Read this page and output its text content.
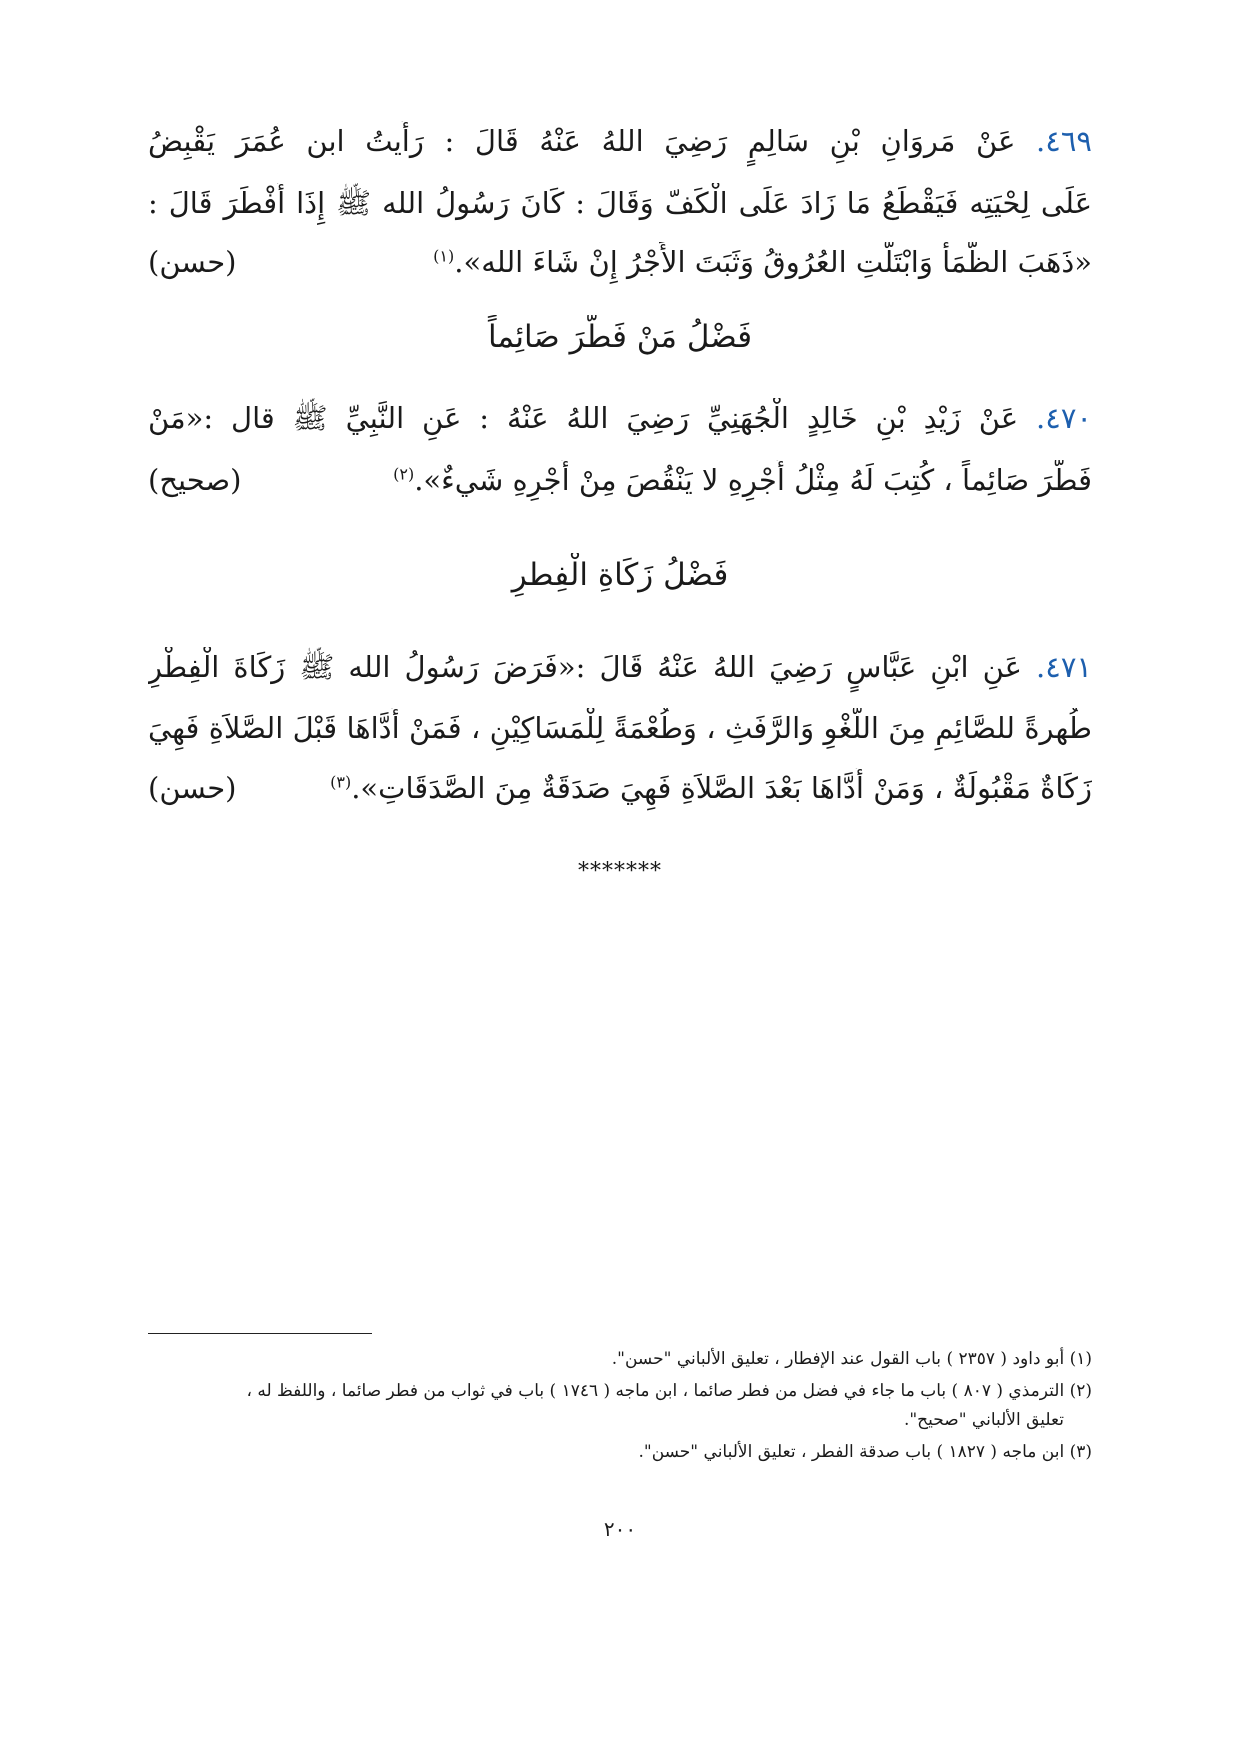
٤٦٩. عَنْ مَروَانِ بْنِ سَالِمٍ رَضِيَ اللهُ عَنْهُ قَالَ : رَأَيتُ ابن عُمَرَ يَقْبِضُ
عَلَى لِحْيَتِه فَيَقْطَعُ مَا زَادَ عَلَى الْكَفّ وَقَالَ : كَانَ رَسُولُ الله ﷺ إِذَا أَفْطَرَ قَالَ :
«ذَهَبَ الظَّمَأُ وَابْتَلَّتِ العُرُوقُ وَثَبَتَ الأَجْرُ إِنْ شَاءَ الله».$^{(١)}$
(حسن)
فَضْلُ مَنْ فَطَّرَ صَائِماً
٤٧٠. عَنْ زَيْدِ بْنِ خَالِدٍ الْجُهَنِيِّ رَضِيَ اللهُ عَنْهُ : عَنِ النَّبِيِّ ﷺ قال :«مَنْ
فَطَّرَ صَائِماً ، كُتِبَ لَهُ مِثْلُ أَجْرِهِ لا يَنْقُصَ مِنْ أَجْرِهِ شَيءٌ».$^{(٢)}$
(صحيح)
فَضْلُ زَكَاةِ الْفِطرِ
٤٧١. عَنِ ابْنِ عَبَّاسٍ رَضِيَ اللهُ عَنْهُ قَالَ :«فَرَضَ رَسُولُ الله ﷺ زَكَاةَ الْفِطْرِ
طُهرةً للصَّائِمِ مِنَ اللَّغْوِ وَالرَّفَثِ ، وَطُعْمَةً لِلْمَسَاكِيْنِ ، فَمَنْ أَدَّاهَا قَبْلَ الصَّلاَةِ فَهِيَ
زَكَاةٌ مَقْبُولَةٌ ، وَمَنْ أَدَّاهَا بَعْدَ الصَّلاَةِ فَهِيَ صَدَقَةٌ مِنَ الصَّدَقَاتِ».$^{(٣)}$
(حسن)
*******
(١) أبو داود ( ٢٣٥٧ ) باب القول عند الإفطار ، تعليق الألباني "حسن".
(٢) الترمذي ( ٨٠٧ ) باب ما جاء في فضل من فطر صائما ، ابن ماجه ( ١٧٤٦ ) باب في ثواب من فطر صائما ، واللفظ له ،
تعليق الألباني "صحيح".
(٣) ابن ماجه ( ١٨٢٧ ) باب صدقة الفطر ، تعليق الألباني "حسن".
٢٠٠
